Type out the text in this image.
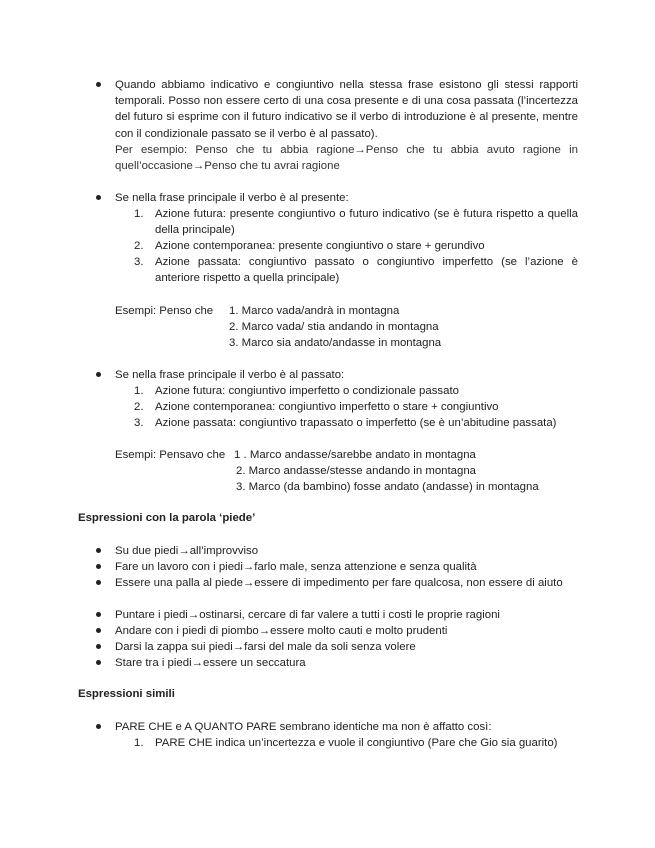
Quando abbiamo indicativo e congiuntivo nella stessa frase esistono gli stessi rapporti temporali. Posso non essere certo di una cosa presente e di una cosa passata (l’incertezza del futuro si esprime con il futuro indicativo se il verbo di introduzione è al presente, mentre con il condizionale passato se il verbo è al passato).
Per esempio: Penso che tu abbia ragione→Penso che tu abbia avuto ragione in quell’occasione→Penso che tu avrai ragione
Se nella frase principale il verbo è al presente:
1. Azione futura: presente congiuntivo o futuro indicativo (se è futura rispetto a quella della principale)
2. Azione contemporanea: presente congiuntivo o stare + gerundivo
3. Azione passata: congiuntivo passato o congiuntivo imperfetto (se l’azione è anteriore rispetto a quella principale)
Esempi: Penso che 1. Marco vada/andrà in montagna
2. Marco vada/ stia andando in montagna
3. Marco sia andato/andasse in montagna
Se nella frase principale il verbo è al passato:
1. Azione futura: congiuntivo imperfetto o condizionale passato
2. Azione contemporanea: congiuntivo imperfetto o stare + congiuntivo
3. Azione passata: congiuntivo trapassato o imperfetto (se è un’abitudine passata)
Esempi: Pensavo che 1 . Marco andasse/sarebbe andato in montagna
2. Marco andasse/stesse andando in montagna
3. Marco (da bambino) fosse andato (andasse) in montagna
Espressioni con la parola ‘piede’
Su due piedi→all’improvviso
Fare un lavoro con i piedi→farlo male, senza attenzione e senza qualità
Essere una palla al piede→essere di impedimento per fare qualcosa, non essere di aiuto
Puntare i piedi→ostinarsi, cercare di far valere a tutti i costi le proprie ragioni
Andare con i piedi di piombo→essere molto cauti e molto prudenti
Darsi la zappa sui piedi→farsi del male da soli senza volere
Stare tra i piedi→essere un seccatura
Espressioni simili
PARE CHE e A QUANTO PARE sembrano identiche ma non è affatto così:
1. PARE CHE indica un’incertezza e vuole il congiuntivo (Pare che Gio sia guarito)
